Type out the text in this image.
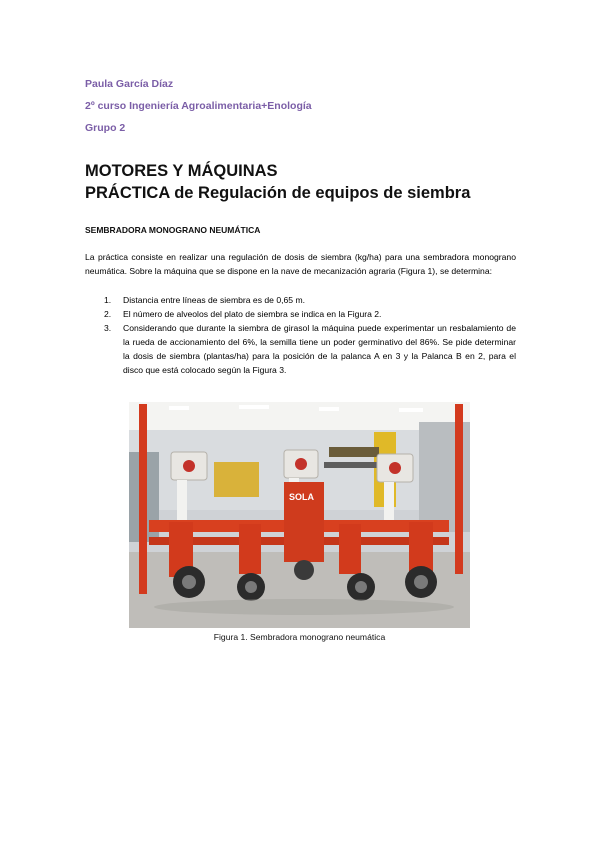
Paula García Díaz
2º curso Ingeniería Agroalimentaria+Enología
Grupo 2
MOTORES Y MÁQUINAS
PRÁCTICA de Regulación de equipos de siembra
SEMBRADORA MONOGRANO NEUMÁTICA

La práctica consiste en realizar una regulación de dosis de siembra (kg/ha) para una sembradora monograno neumática. Sobre la máquina que se dispone en la nave de mecanización agraria (Figura 1), se determina:

1. Distancia entre líneas de siembra es de 0,65 m.
2. El número de alveolos del plato de siembra se indica en la Figura 2.
3. Considerando que durante la siembra de girasol la máquina puede experimentar un resbalamiento de la rueda de accionamiento del 6%, la semilla tiene un poder germinativo del 86%. Se pide determinar la dosis de siembra (plantas/ha) para la posición de la palanca A en 3 y la Palanca B en 2, para el disco que está colocado según la Figura 3.
SOLA
Figura 1. Sembradora monograno neumática
